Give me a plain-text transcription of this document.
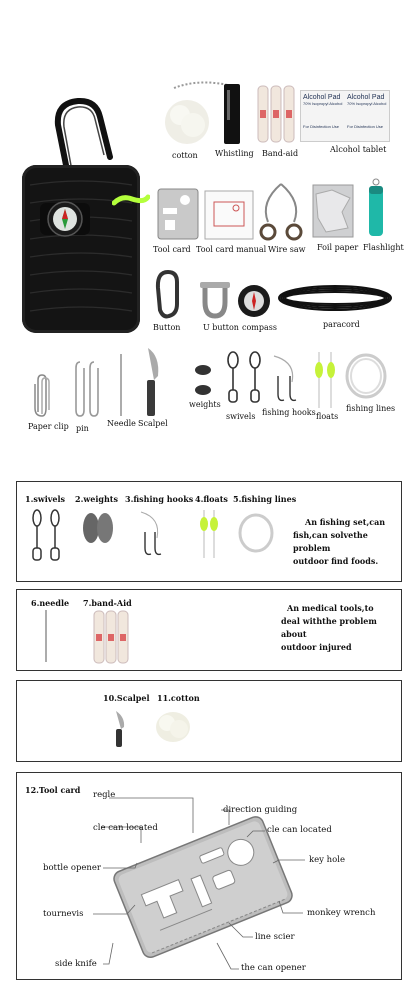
cotton Whistling Band-aid
Alcohol Pad
70% Isopropyl Alcohol
For Disinfection Use
Alcohol Pad
70% Isopropyl Alcohol
For Disinfection Use
Alcohol tablet
Tool card Tool card manual Wire saw Foil paper Flashlight
Button	U button compass	paracord
Paper clip pin
Needle Scalpel
weights
swivels fishing hooks floats
fishing lines
1.swivels 2.weights 3.fishing hooks 4.floats 5.fishing lines
An fishing set,can
fish,can solvethe problem
outdoor find foods.
6.needle 7.band-Aid	An medical tools,to
deal withthe problem about
outdoor injured
10.Scalpel 11.cotton
12.Tool card regle
direction guiding
cle can located	cle can located
bottle opener
key hole
tournevis	monkey wrench
line scier
side knife	the can opener
